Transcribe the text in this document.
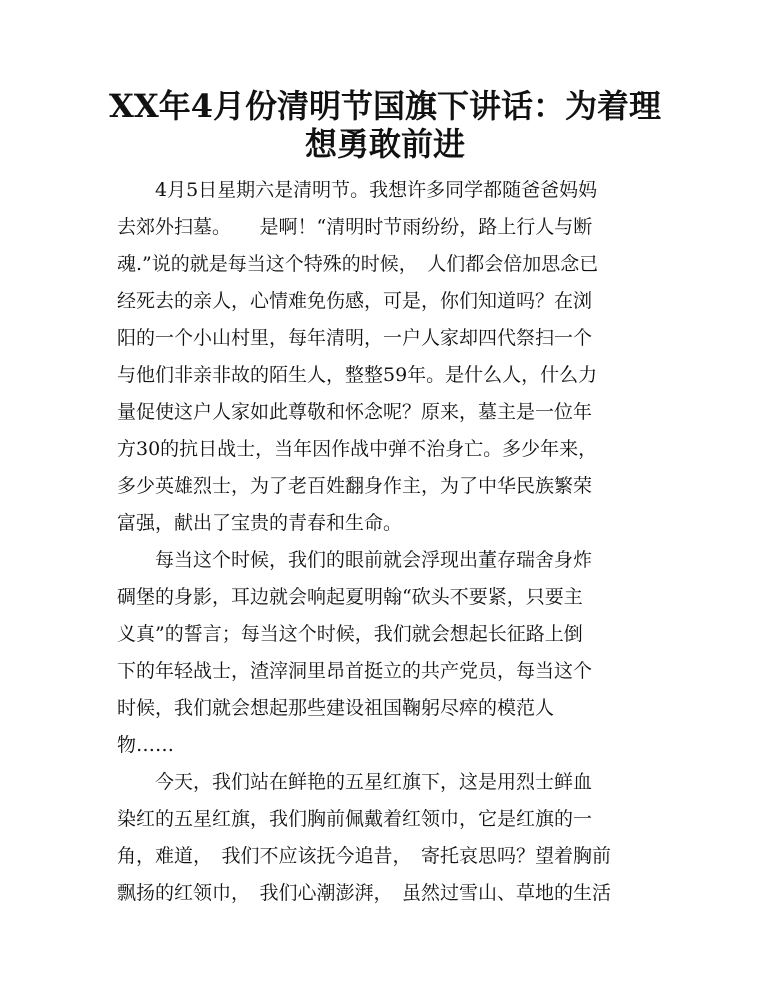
XX年4月份清明节国旗下讲话：为着理
想勇敢前进

　　4月5日星期六是清明节。我想许多同学都随爸爸妈妈

去郊外扫墓。　　是啊！“清明时节雨纷纷，路上行人与断

魂.”说的就是每当这个特殊的时候，　人们都会倍加思念已

经死去的亲人，心情难免伤感，可是，你们知道吗？在浏

阳的一个小山村里，每年清明，一户人家却四代祭扫一个

与他们非亲非故的陌生人，整整59年。是什么人，什么力

量促使这户人家如此尊敬和怀念呢？原来，墓主是一位年

方30的抗日战士，当年因作战中弹不治身亡。多少年来，

多少英雄烈士，为了老百姓翻身作主，为了中华民族繁荣

富强，献出了宝贵的青春和生命。

　　每当这个时候，我们的眼前就会浮现出董存瑞舍身炸

碉堡的身影，耳边就会响起夏明翰“砍头不要紧，只要主

义真”的誓言；每当这个时候，我们就会想起长征路上倒

下的年轻战士，渣滓洞里昂首挺立的共产党员，每当这个

时候，我们就会想起那些建设祖国鞠躬尽瘁的模范人

物……

　　今天，我们站在鲜艳的五星红旗下，这是用烈士鲜血

染红的五星红旗，我们胸前佩戴着红领巾，它是红旗的一

角，难道，　我们不应该抚今追昔，　寄托哀思吗？望着胸前

飘扬的红领巾，　我们心潮澎湃，　虽然过雪山、草地的生活
